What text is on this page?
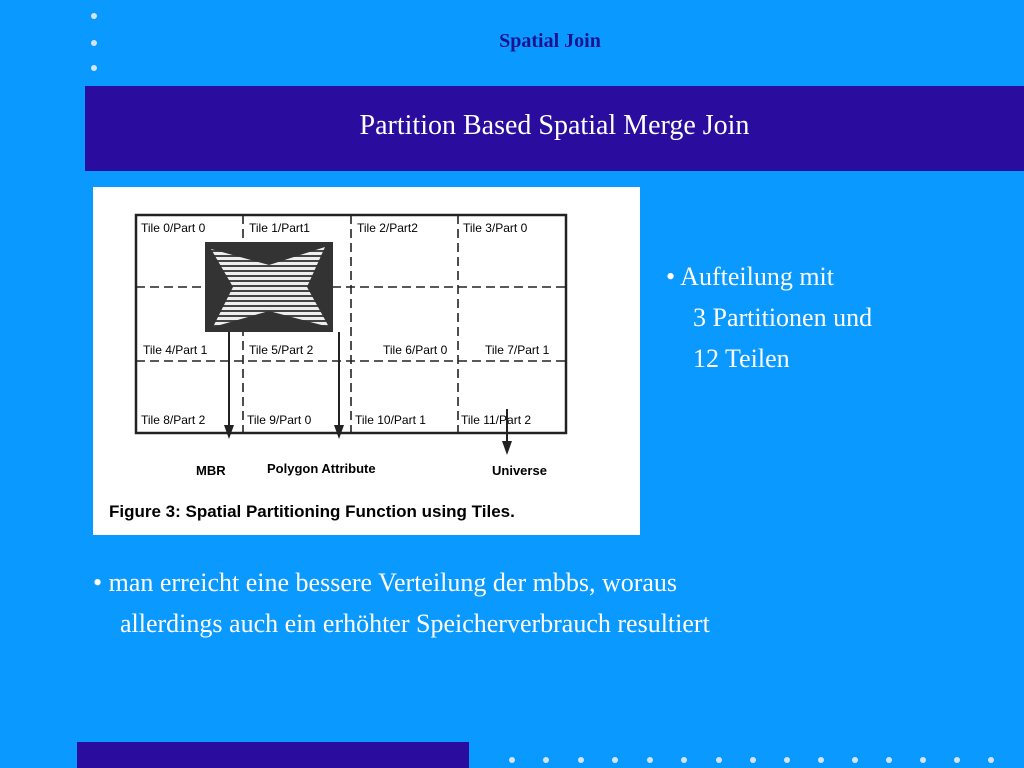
Spatial Join
Partition Based Spatial Merge Join
Tile 0/Part 0	Tile 1/Part1	Tile 2/Part2	Tile 3/Part 0
Tile 4/Part 1	Tile 5/Part 2	Tile 6/Part 0	Tile 7/Part 1
Tile 8/Part 2	Tile 9/Part 0	Tile 10/Part 1	Tile 11/Part 2
MBR	Polygon Attribute	Universe
Figure 3: Spatial Partitioning Function using Tiles.
• Aufteilung mit
3 Partitionen und
12 Teilen
• man erreicht eine bessere Verteilung der mbbs, woraus
allerdings auch ein erhöhter Speicherverbrauch resultiert
